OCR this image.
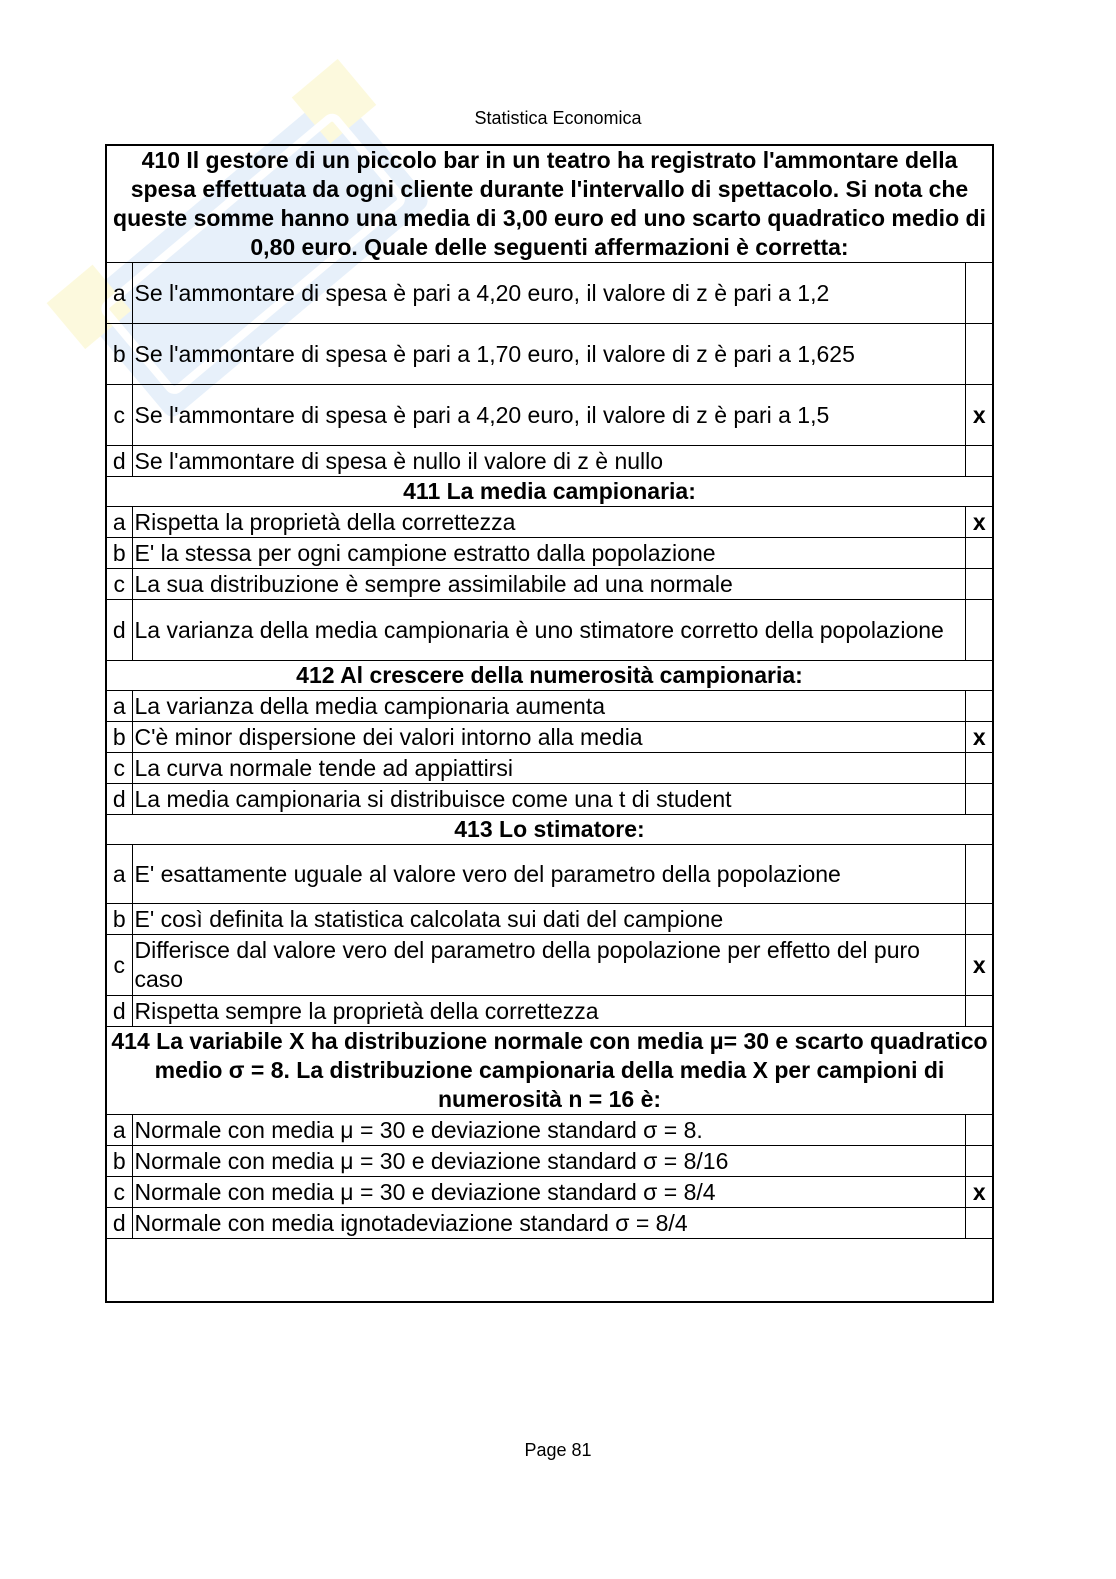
Statistica Economica
410 Il gestore di un piccolo bar in un teatro ha registrato l'ammontare della spesa effettuata da ogni cliente durante l'intervallo di spettacolo. Si nota che queste somme hanno una media di 3,00 euro ed uno scarto quadratico medio di 0,80 euro. Quale delle seguenti affermazioni è corretta:		
a	Se l'ammontare di spesa è pari a 4,20 euro, il valore di z è pari a 1,2	
b	Se l'ammontare di spesa è pari a 1,70 euro, il valore di z è pari a 1,625	
c	Se l'ammontare di spesa è pari a 4,20 euro, il valore di z è pari a 1,5	x
d	Se l'ammontare di spesa è nullo il valore di z è nullo	
411 La media campionaria:		
a	Rispetta la proprietà della correttezza	x
b	E' la stessa per ogni campione estratto dalla popolazione	
c	La sua distribuzione è sempre assimilabile ad una normale	
d	La varianza della media campionaria è uno stimatore corretto della popolazione	
412 Al crescere della numerosità campionaria:		
a	La varianza della media campionaria aumenta	
b	C'è minor dispersione dei valori intorno alla media	x
c	La curva normale tende ad appiattirsi	
d	La media campionaria si distribuisce come una t di student	
413 Lo stimatore:		
a	E' esattamente uguale al valore vero del parametro della popolazione	
b	E' così definita la statistica calcolata sui dati del campione	
c	Differisce dal valore vero del parametro della popolazione per effetto del puro caso	x
d	Rispetta sempre la proprietà della correttezza	
414 La variabile X ha distribuzione normale con media μ= 30 e scarto quadratico medio σ = 8. La distribuzione campionaria della media X per campioni di numerosità n = 16 è:		
a	Normale con media μ = 30 e deviazione standard σ = 8.	
b	Normale con media μ = 30 e deviazione standard σ = 8/16	
c	Normale con media μ = 30 e deviazione standard σ = 8/4	x
d	Normale con media ignotadeviazione standard σ = 8/4	

Page 81
